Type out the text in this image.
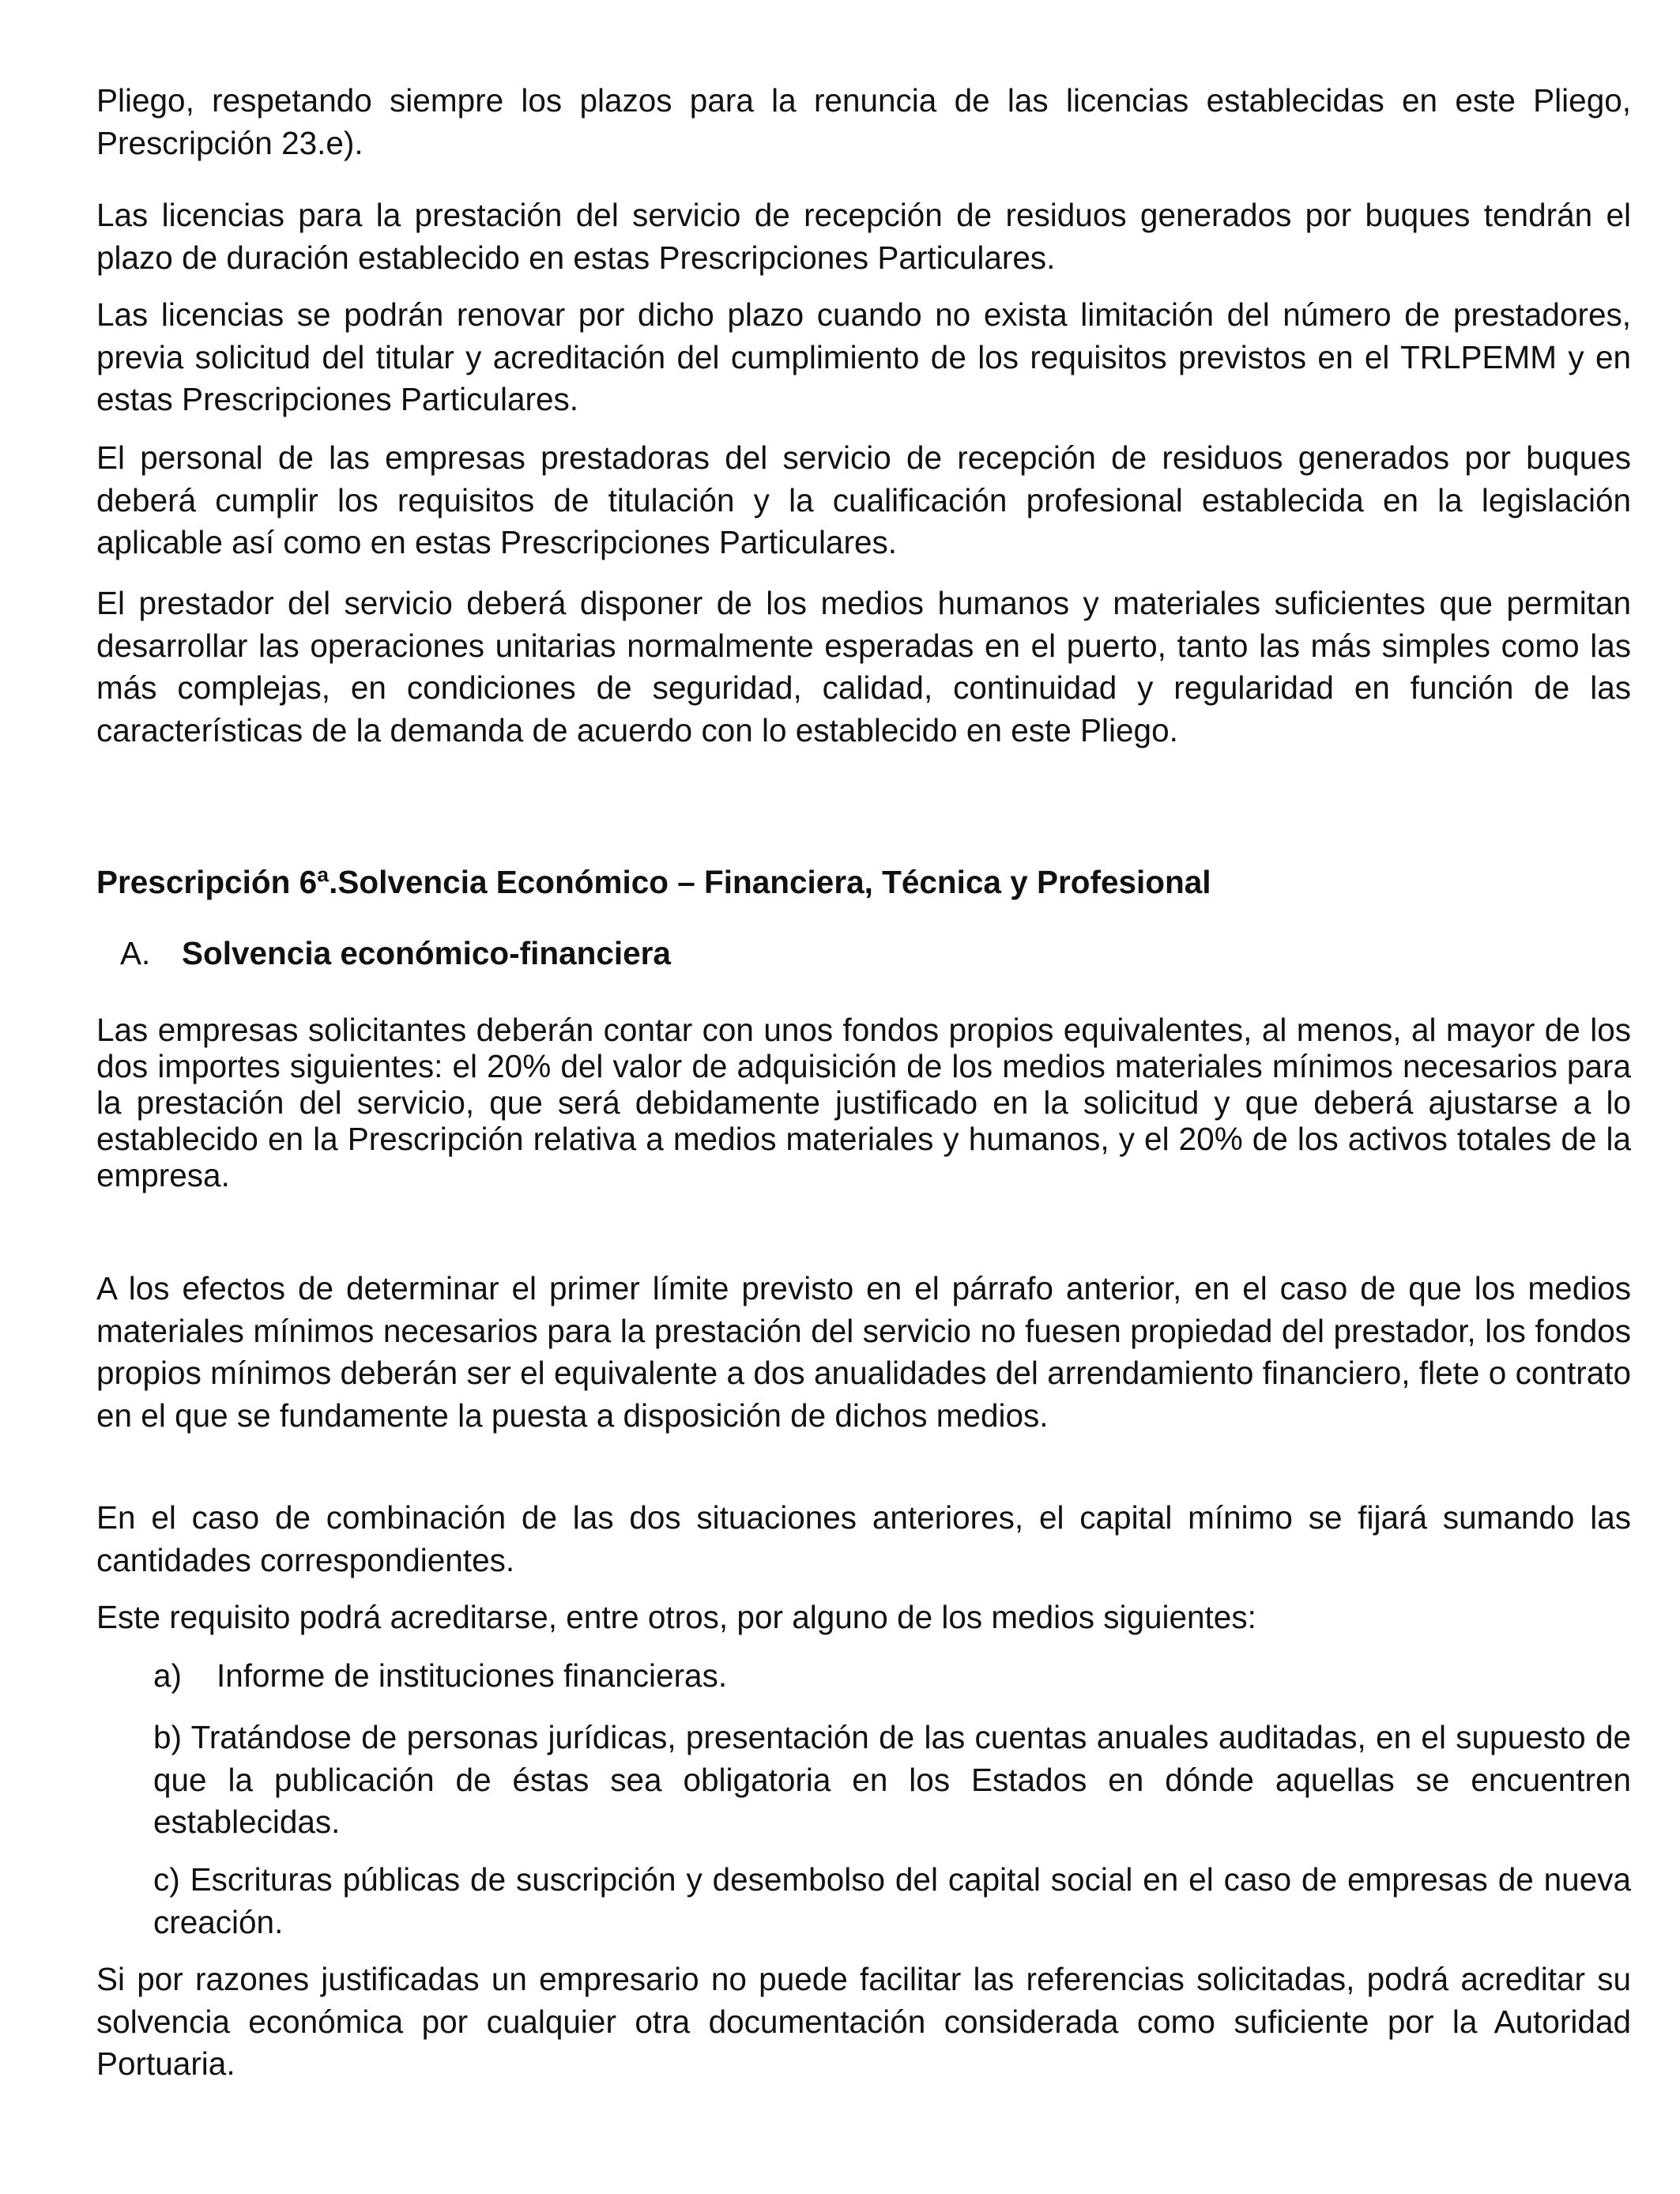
Pliego, respetando siempre los plazos para la renuncia de las licencias establecidas en este Pliego, Prescripción 23.e).

Las licencias para la prestación del servicio de recepción de residuos generados por buques tendrán el plazo de duración establecido en estas Prescripciones Particulares.

Las licencias se podrán renovar por dicho plazo cuando no exista limitación del número de prestadores, previa solicitud del titular y acreditación del cumplimiento de los requisitos previstos en el TRLPEMM y en estas Prescripciones Particulares.

El personal de las empresas prestadoras del servicio de recepción de residuos generados por buques deberá cumplir los requisitos de titulación y la cualificación profesional establecida en la legislación aplicable así como en estas Prescripciones Particulares.

El prestador del servicio deberá disponer de los medios humanos y materiales suficientes que permitan desarrollar las operaciones unitarias normalmente esperadas en el puerto, tanto las más simples como las más complejas, en condiciones de seguridad, calidad, continuidad y regularidad en función de las características de la demanda de acuerdo con lo establecido en este Pliego.

Prescripción 6ª.Solvencia Económico – Financiera, Técnica y Profesional
A. Solvencia económico-financiera

Las empresas solicitantes deberán contar con unos fondos propios equivalentes, al menos, al mayor de los dos importes siguientes: el 20% del valor de adquisición de los medios materiales mínimos necesarios para la prestación del servicio, que será debidamente justificado en la solicitud y que deberá ajustarse a lo establecido en la Prescripción relativa a medios materiales y humanos, y el 20% de los activos totales de la empresa.

A los efectos de determinar el primer límite previsto en el párrafo anterior, en el caso de que los medios materiales mínimos necesarios para la prestación del servicio no fuesen propiedad del prestador, los fondos propios mínimos deberán ser el equivalente a dos anualidades del arrendamiento financiero, flete o contrato en el que se fundamente la puesta a disposición de dichos medios.

En el caso de combinación de las dos situaciones anteriores, el capital mínimo se fijará sumando las cantidades correspondientes.

Este requisito podrá acreditarse, entre otros, por alguno de los medios siguientes:

a) Informe de instituciones financieras.

b) Tratándose de personas jurídicas, presentación de las cuentas anuales auditadas, en el supuesto de que la publicación de éstas sea obligatoria en los Estados en dónde aquellas se encuentren establecidas.

c) Escrituras públicas de suscripción y desembolso del capital social en el caso de empresas de nueva creación.

Si por razones justificadas un empresario no puede facilitar las referencias solicitadas, podrá acreditar su solvencia económica por cualquier otra documentación considerada como suficiente por la Autoridad Portuaria.
